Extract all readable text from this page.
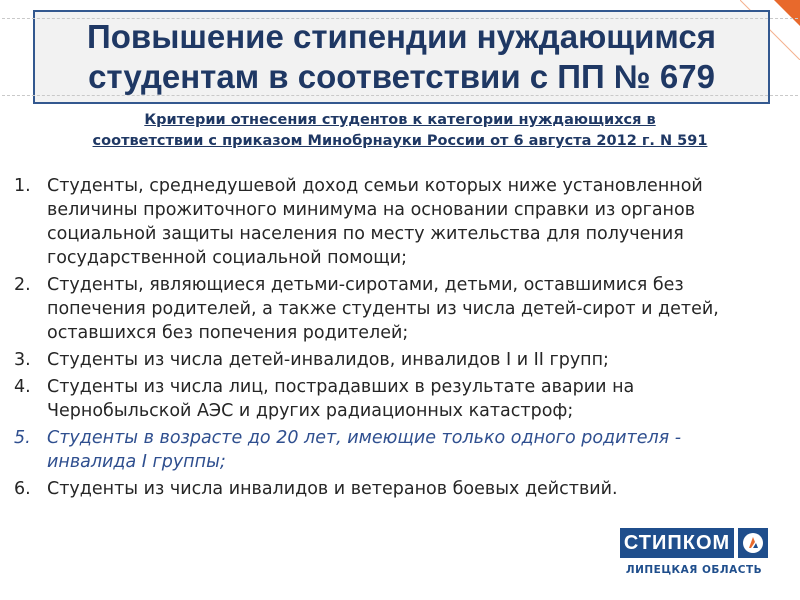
Повышение стипендии нуждающимся
студентам в соответствии с ПП № 679
Критерии отнесения студентов к категории нуждающихся в
соответствии с приказом Минобрнауки России от 6 августа 2012 г. N 591
1. Студенты, среднедушевой доход семьи которых ниже установленной величины прожиточного минимума на основании справки из органов социальной защиты населения по месту жительства для получения государственной социальной помощи;
2. Студенты, являющиеся детьми-сиротами, детьми, оставшимися без попечения родителей, а также студенты из числа детей-сирот и детей, оставшихся без попечения родителей;
3. Студенты из числа детей-инвалидов, инвалидов I и II групп;
4. Студенты из числа лиц, пострадавших в результате аварии на Чернобыльской АЭС и других радиационных катастроф;
5. Студенты в возрасте до 20 лет, имеющие только одного родителя - инвалида I группы;
6. Студенты из числа инвалидов и ветеранов боевых действий.
СТИПКОМ
ЛИПЕЦКАЯ ОБЛАСТЬ
